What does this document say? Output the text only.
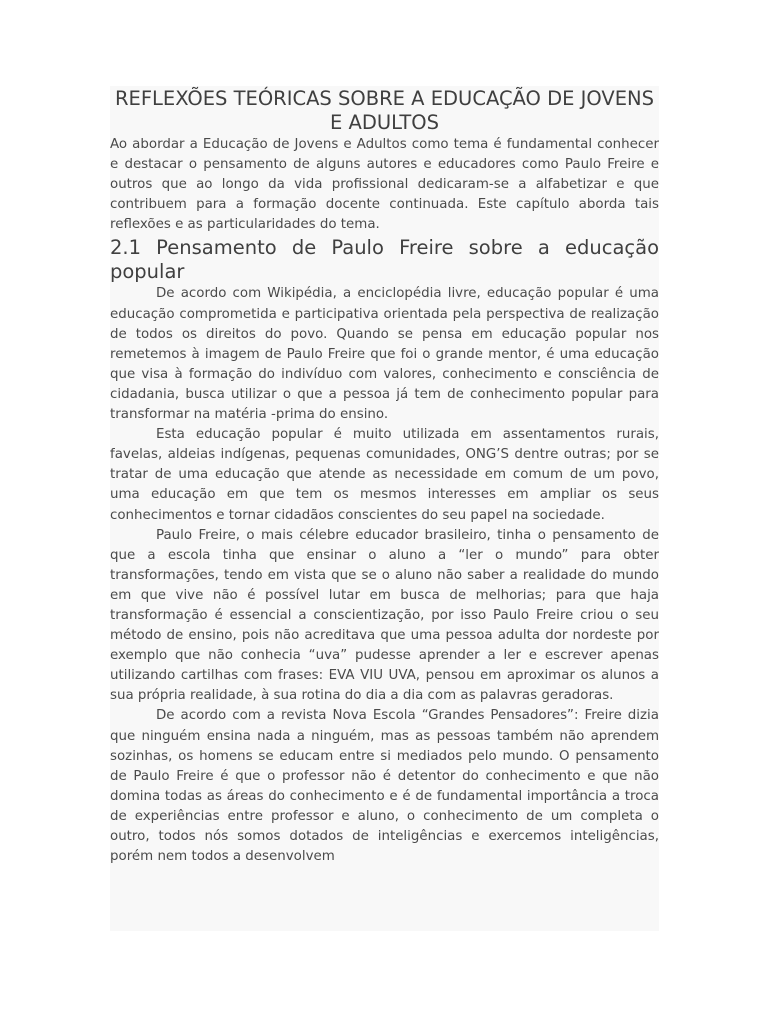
REFLEXÕES TEÓRICAS SOBRE A EDUCAÇÃO DE JOVENS E ADULTOS

Ao abordar a Educação de Jovens e Adultos como tema é fundamental conhecer e destacar o pensamento de alguns autores e educadores como Paulo Freire e outros que ao longo da vida profissional dedicaram-se a alfabetizar e que contribuem para a formação docente continuada. Este capítulo aborda tais reflexões e as particularidades do tema.

2.1 Pensamento de Paulo Freire sobre a educação popular

De acordo com Wikipédia, a enciclopédia livre, educação popular é uma educação comprometida e participativa orientada pela perspectiva de realização de todos os direitos do povo. Quando se pensa em educação popular nos remetemos à imagem de Paulo Freire que foi o grande mentor, é uma educação que visa à formação do indivíduo com valores, conhecimento e consciência de cidadania, busca utilizar o que a pessoa já tem de conhecimento popular para transformar na matéria -prima do ensino.

Esta educação popular é muito utilizada em assentamentos rurais, favelas, aldeias indígenas, pequenas comunidades, ONG’S dentre outras; por se tratar de uma educação que atende as necessidade em comum de um povo, uma educação em que tem os mesmos interesses em ampliar os seus conhecimentos e tornar cidadãos conscientes do seu papel na sociedade.

Paulo Freire, o mais célebre educador brasileiro, tinha o pensamento de que a escola tinha que ensinar o aluno a “ler o mundo” para obter transformações, tendo em vista que se o aluno não saber a realidade do mundo em que vive não é possível lutar em busca de melhorias; para que haja transformação é essencial a conscientização, por isso Paulo Freire criou o seu método de ensino, pois não acreditava que uma pessoa adulta dor nordeste por exemplo que não conhecia “uva” pudesse aprender a ler e escrever apenas utilizando cartilhas com frases: EVA VIU UVA, pensou em aproximar os alunos a sua própria realidade, à sua rotina do dia a dia com as palavras geradoras.

De acordo com a revista Nova Escola “Grandes Pensadores”: Freire dizia que ninguém ensina nada a ninguém, mas as pessoas também não aprendem sozinhas, os homens se educam entre si mediados pelo mundo. O pensamento de Paulo Freire é que o professor não é detentor do conhecimento e que não domina todas as áreas do conhecimento e é de fundamental importância a troca de experiências entre professor e aluno, o conhecimento de um completa o outro, todos nós somos dotados de inteligências e exercemos inteligências, porém nem todos a desenvolvem
